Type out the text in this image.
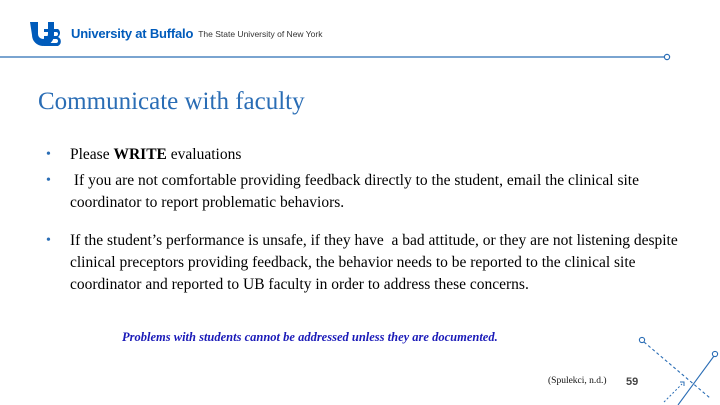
University at Buffalo The State University of New York
Communicate with faculty
• Please WRITE evaluations
• If you are not comfortable providing feedback directly to the student, email the clinical site coordinator to report problematic behaviors.
• If the student’s performance is unsafe, if they have  a bad attitude, or they are not listening despite clinical preceptors providing feedback, the behavior needs to be reported to the clinical site coordinator and reported to UB faculty in order to address these concerns.
Problems with students cannot be addressed unless they are documented.
(Spulekci, n.d.) 59
